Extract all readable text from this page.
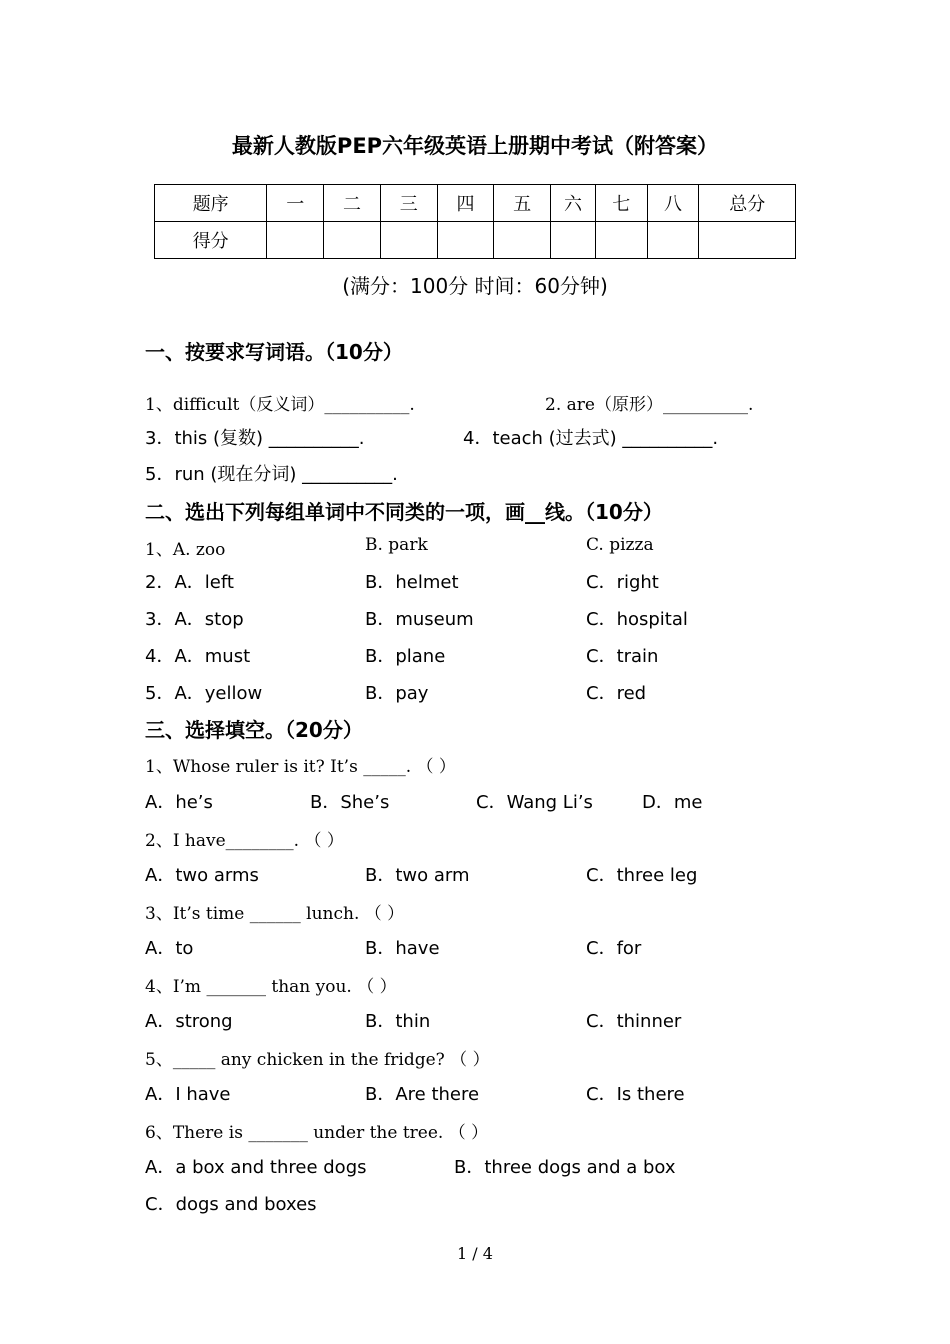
最新人教版PEP六年级英语上册期中考试（附答案）
题序	一	二	三	四	五	六	七	八	总分
得分									
(满分：100分 时间：60分钟)
一、按要求写词语。（10分）
1、difficult（反义词）__________.	2. are（原形）__________.
3．this (复数) __________.	4．teach (过去式) __________.
5．run (现在分词) __________.
二、选出下列每组单词中不同类的一项，画__线。（10分）
1、A. zoo	B. park	C. pizza
2．A．left	B．helmet	C．right
3．A．stop	B．museum	C．hospital
4．A．must	B．plane	C．train
5．A．yellow	B．pay	C．red
三、选择填空。（20分）
1、Whose ruler is it? It’s _____. （ ）
A．he’s	B．She’s	C．Wang Li’s	D．me
2、I have________. （ ）
A．two arms	B．two arm	C．three leg
3、It’s time ______ lunch. （ ）
A．to	B．have	C．for
4、I’m _______ than you. （ ）
A．strong	B．thin	C．thinner
5、_____ any chicken in the fridge? （ ）
A．I have	B．Are there	C．Is there
6、There is _______ under the tree. （ ）
A．a box and three dogs	B．three dogs and a box
C．dogs and boxes
1 / 4
